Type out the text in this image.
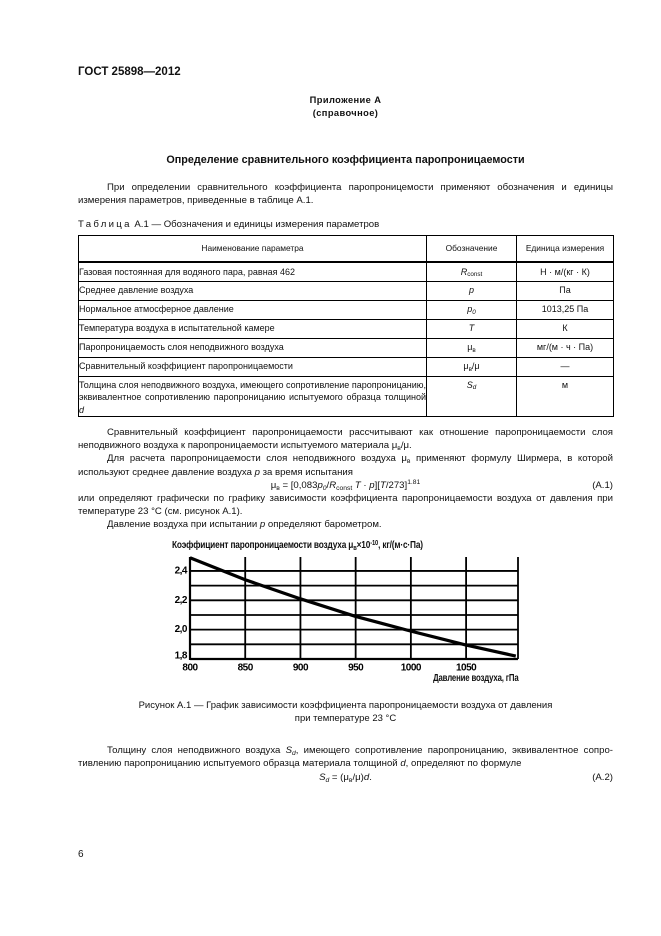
ГОСТ 25898—2012
Приложение А
(справочное)
Определение сравнительного коэффициента паропроницаемости

При определении сравнительного коэффициента паропроницемости применяют обозначения и единицы измерения параметров, приведенные в таблице А.1.

Таблица А.1 — Обозначения и единицы измерения параметров
Наименование параметра	Обозначение	Единица измерения
Газовая постоянная для водяного пара, равная 462	$R_{const}$	Н · м/(кг · К)
Среднее давление воздуха	p	Па
Нормальное атмосферное давление	$p_0$	1013,25 Па
Температура воздуха в испытательной камере	T	К
Паропроницаемость слоя неподвижного воздуха	$\mu_в$	мг/(м · ч · Па)
Сравнительный коэффициент паропроницаемости	$\mu_в/\mu$	—
Толщина слоя неподвижного воздуха, имеющего сопротивление паропроницанию, эквивалентное сопротивлению паропроницанию испытуемого образца толщиной d	$S_d$	м

Сравнительный коэффициент паропроницаемости рассчитывают как отношение паропроницаемости слоя неподвижного воздуха к паропроницаемости испытуемого материала $\mu_в/\mu$.

Для расчета паропроницаемости слоя неподвижного воздуха $\mu_в$ применяют формулу Ширмера, в которой используют среднее давление воздуха p за время испытания

$\mu_в = [0,083p_0/R_{const}$ $T \cdot p][T/273]^{1.81}$	(А.1)

или определяют графически по графику зависимости коэффициента паропроницаемости воздуха от давления при температуре 23 °С (см. рисунок А.1).

Давление воздуха при испытании p определяют барометром.

Коэффициент паропроницаемости воздуха $\mu_в\times 10^{-10}$, кг/(м·с·Па)
800	850	900	950	1000	1050
1,8
2,0
2,2
2,4
Давление воздуха, гПа
Рисунок А.1 — График зависимости коэффициента паропроницаемости воздуха от давления
при температуре 23 °С

Толщину слоя неподвижного воздуха $S_d$, имеющего сопротивление паропроницанию, эквивалентное сопротивлению паропроницанию испытуемого образца материала толщиной d, определяют по формуле

$S_d = (\mu_в/\mu)d$.	(А.2)
6
